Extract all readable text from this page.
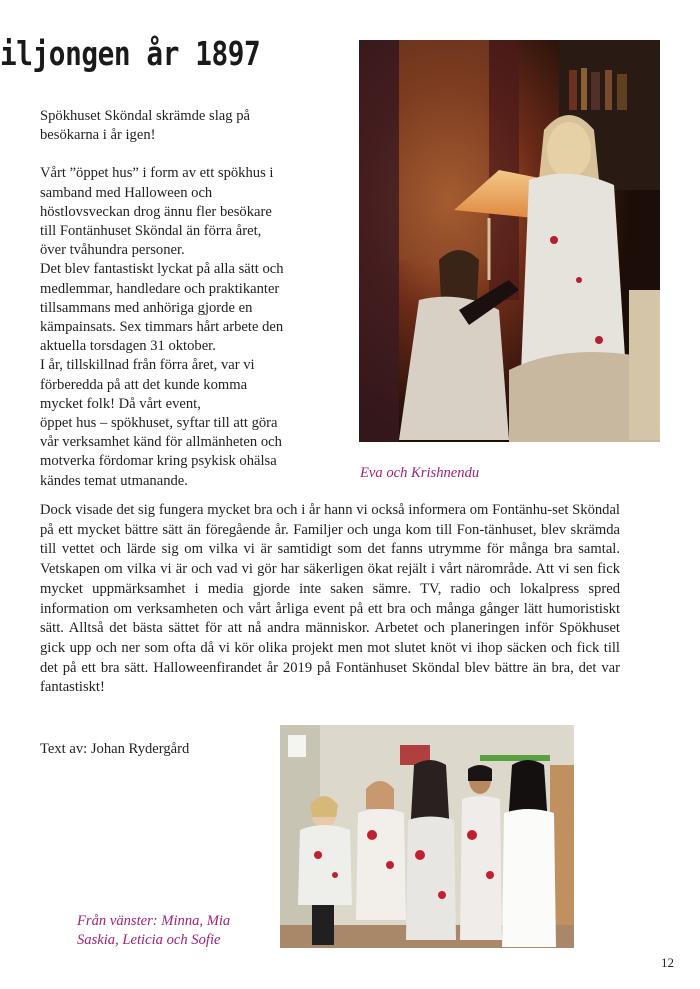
iljongen år 1897

Spökhuset Sköndal skrämde slag på
besökarna i år igen!

Vårt ”öppet hus” i form av ett spökhus i
samband med Halloween och
höstlovsveckan drog ännu fler besökare
till Fontänhuset Sköndal än förra året,
över tvåhundra personer.
Det blev fantastiskt lyckat på alla sätt och
medlemmar, handledare och praktikanter
tillsammans med anhöriga gjorde en
kämpainsats. Sex timmars hårt arbete den
aktuella torsdagen 31 oktober.
I år, tillskillnad från förra året, var vi
förberedda på att det kunde komma
mycket folk! Då vårt event,
öppet hus – spökhuset, syftar till att göra
vår verksamhet känd för allmänheten och
motverka fördomar kring psykisk ohälsa
kändes temat utmanande.

Dock visade det sig fungera mycket bra och i år hann vi också informera om Fontänhu-set Sköndal på ett mycket bättre sätt än föregående år. Familjer och unga kom till Fon-tänhuset, blev skrämda till vettet och lärde sig om vilka vi är samtidigt som det fanns utrymme för många bra samtal. Vetskapen om vilka vi är och vad vi gör har säkerligen ökat rejält i vårt närområde. Att vi sen fick mycket uppmärksamhet i media gjorde inte saken sämre. TV, radio och lokalpress spred information om verksamheten och vårt årliga event på ett bra och många gånger lätt humoristiskt sätt. Alltså det bästa sättet för att nå andra människor. Arbetet och planeringen inför Spökhuset gick upp och ner som ofta då vi kör olika projekt men mot slutet knöt vi ihop säcken och fick till det på ett bra sätt. Halloweenfirandet år 2019 på Fontänhuset Sköndal blev bättre än bra, det var fantastiskt!
Text av: Johan Rydergård
Eva och Krishnendu
Från vänster: Minna, Mia
Saskia, Leticia och Sofie
12
